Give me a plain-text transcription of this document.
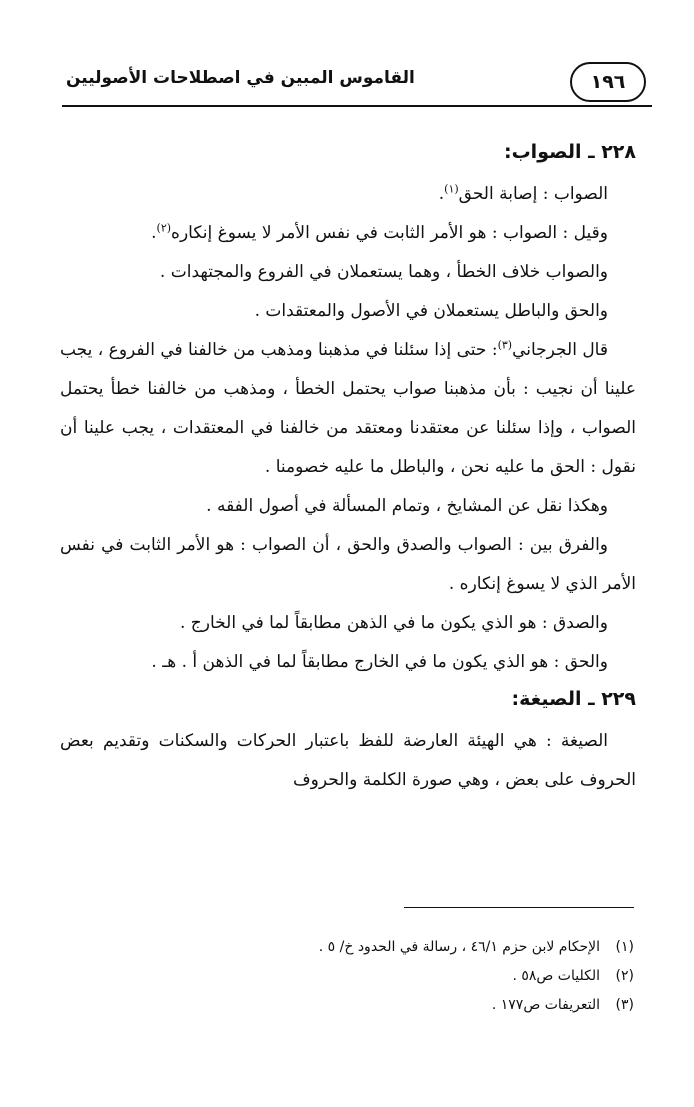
١٩٦
القاموس المبين في اصطلاحات الأصوليين
٢٢٨ ـ الصواب:

الصواب : إصابة الحق$^{(١)}$.

وقيل : الصواب : هو الأمر الثابت في نفس الأمر لا يسوغ إنكاره$^{(٢)}$.

والصواب خلاف الخطأ ، وهما يستعملان في الفروع والمجتهدات .

والحق والباطل يستعملان في الأصول والمعتقدات .

قال الجرجاني$^{(٣)}$: حتى إذا سئلنا في مذهبنا ومذهب من خالفنا في الفروع ، يجب علينا أن نجيب : بأن مذهبنا صواب يحتمل الخطأ ، ومذهب من خالفنا خطأ يحتمل الصواب ، وإذا سئلنا عن معتقدنا ومعتقد من خالفنا في المعتقدات ، يجب علينا أن نقول : الحق ما عليه نحن ، والباطل ما عليه خصومنا .

وهكذا نقل عن المشايخ ، وتمام المسألة في أصول الفقه .

والفرق بين : الصواب والصدق والحق ، أن الصواب : هو الأمر الثابت في نفس الأمر الذي لا يسوغ إنكاره .

والصدق : هو الذي يكون ما في الذهن مطابقاً لما في الخارج .

والحق : هو الذي يكون ما في الخارج مطابقاً لما في الذهن أ . هـ .

٢٢٩ ـ الصيغة:

الصيغة : هي الهيئة العارضة للفظ باعتبار الحركات والسكنات وتقديم بعض الحروف على بعض ، وهي صورة الكلمة والحروف

(١)الإحكام لابن حزم ٤٦/١ ، رسالة في الحدود خ/ ٥ .
(٢)الكليات ص٥٨ .
(٣)التعريفات ص١٧٧ .
